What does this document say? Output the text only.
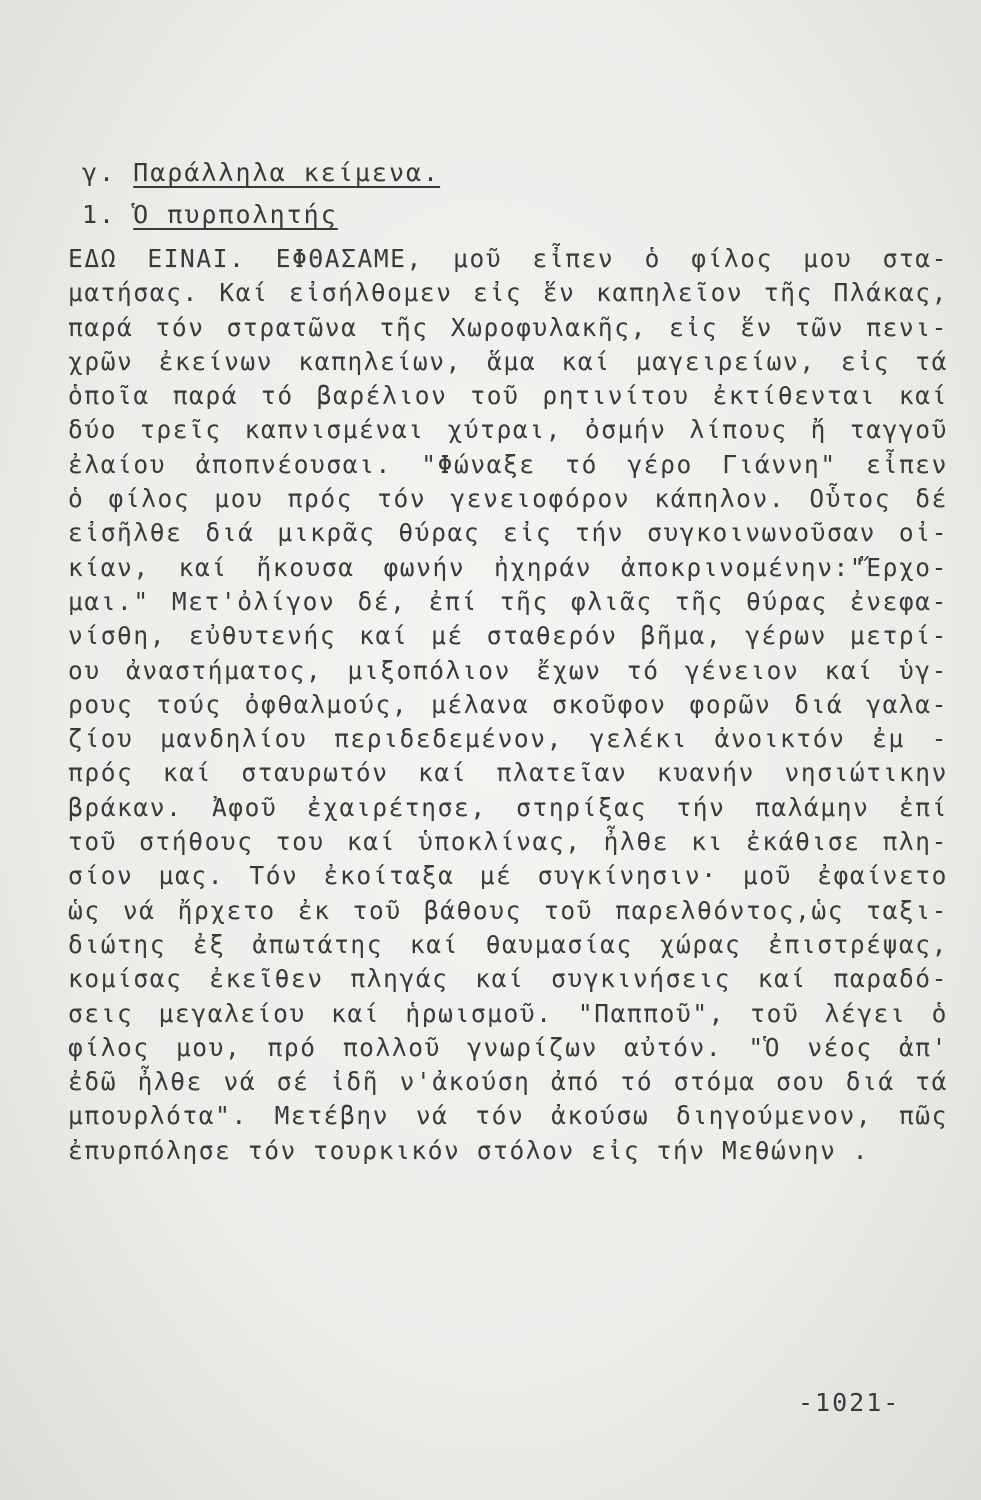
γ. Παράλληλα κείμενα.
1. Ὁ πυρπολητής
ΕΔΩ ΕΙΝΑΙ. ΕΦΘΑΣΑΜΕ, μοῦ εἶπεν ὁ φίλος μου στα-
ματήσας. Καί εἰσήλθομεν εἰς ἕν καπηλεῖον τῆς Πλάκας,
παρά τόν στρατῶνα τῆς Χωροφυλακῆς, εἰς ἕν τῶν πενι-
χρῶν ἐκείνων καπηλείων, ἅμα καί μαγειρείων, εἰς τά
ὁποῖα παρά τό βαρέλιον τοῦ ρητινίτου ἐκτίθενται καί
δύο τρεῖς καπνισμέναι χύτραι, ὀσμήν λίπους ἤ ταγγοῦ
ἐλαίου ἀποπνέουσαι. "Φώναξε τό γέρο Γιάννη" εἶπεν
ὁ φίλος μου πρός τόν γενειοφόρον κάπηλον. Οὗτος δέ
εἰσῆλθε διά μικρᾶς θύρας εἰς τήν συγκοινωνοῦσαν οἰ-
κίαν, καί ἤκουσα φωνήν ἠχηράν ἀποκρινομένην:"Ἔρχο-
μαι." Μετ'ὀλίγον δέ, ἐπί τῆς φλιᾶς τῆς θύρας ἐνεφα-
νίσθη, εὐθυτενής καί μέ σταθερόν βῆμα, γέρων μετρί-
ου ἀναστήματος, μιξοπόλιον ἔχων τό γένειον καί ὑγ-
ρους τούς ὀφθαλμούς, μέλανα σκοῦφον φορῶν διά γαλα-
ζίου μανδηλίου περιδεδεμένον, γελέκι ἀνοικτόν ἐμ -
πρός καί σταυρωτόν καί πλατεῖαν κυανήν νησιώτικην
βράκαν. Ἀφοῦ ἐχαιρέτησε, στηρίξας τήν παλάμην ἐπί
τοῦ στήθους του καί ὑποκλίνας, ἦλθε κι ἐκάθισε πλη-
σίον μας. Τόν ἐκοίταξα μέ συγκίνησιν· μοῦ ἐφαίνετο
ὡς νά ἤρχετο ἐκ τοῦ βάθους τοῦ παρελθόντος,ὡς ταξι-
διώτης ἐξ ἀπωτάτης καί θαυμασίας χώρας ἐπιστρέψας,
κομίσας ἐκεῖθεν πληγάς καί συγκινήσεις καί παραδό-
σεις μεγαλείου καί ἡρωισμοῦ. "Παπποῦ", τοῦ λέγει ὁ
φίλος μου, πρό πολλοῦ γνωρίζων αὐτόν. "Ὁ νέος ἀπ'
ἐδῶ ἦλθε νά σέ ἰδῆ ν'ἀκούση ἀπό τό στόμα σου διά τά
μπουρλότα". Μετέβην νά τόν ἀκούσω διηγούμενον, πῶς
ἐπυρπόλησε τόν τουρκικόν στόλον εἰς τήν Μεθώνην .
-1021-
